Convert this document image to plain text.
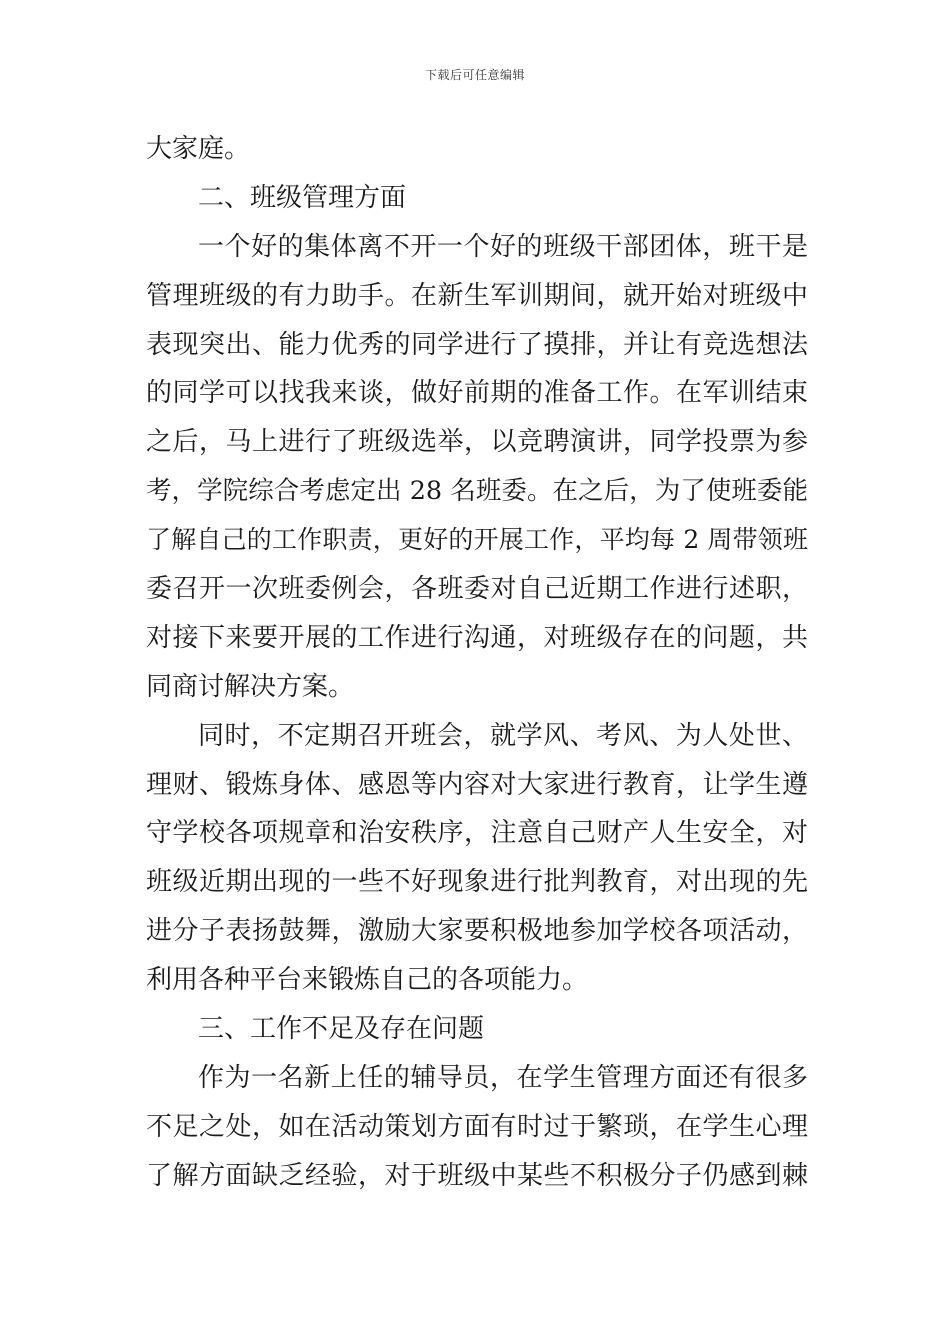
下载后可任意编辑
大家庭。
二、班级管理方面
一个好的集体离不开一个好的班级干部团体，班干是
管理班级的有力助手。在新生军训期间，就开始对班级中
表现突出、能力优秀的同学进行了摸排，并让有竞选想法
的同学可以找我来谈，做好前期的准备工作。在军训结束
之后，马上进行了班级选举，以竞聘演讲，同学投票为参
考，学院综合考虑定出 28 名班委。在之后，为了使班委能
了解自己的工作职责，更好的开展工作，平均每 2 周带领班
委召开一次班委例会，各班委对自己近期工作进行述职，
对接下来要开展的工作进行沟通，对班级存在的问题，共
同商讨解决方案。
同时，不定期召开班会，就学风、考风、为人处世、
理财、锻炼身体、感恩等内容对大家进行教育，让学生遵
守学校各项规章和治安秩序，注意自己财产人生安全，对
班级近期出现的一些不好现象进行批判教育，对出现的先
进分子表扬鼓舞，激励大家要积极地参加学校各项活动，
利用各种平台来锻炼自己的各项能力。
三、工作不足及存在问题
作为一名新上任的辅导员，在学生管理方面还有很多
不足之处，如在活动策划方面有时过于繁琐，在学生心理
了解方面缺乏经验，对于班级中某些不积极分子仍感到棘
